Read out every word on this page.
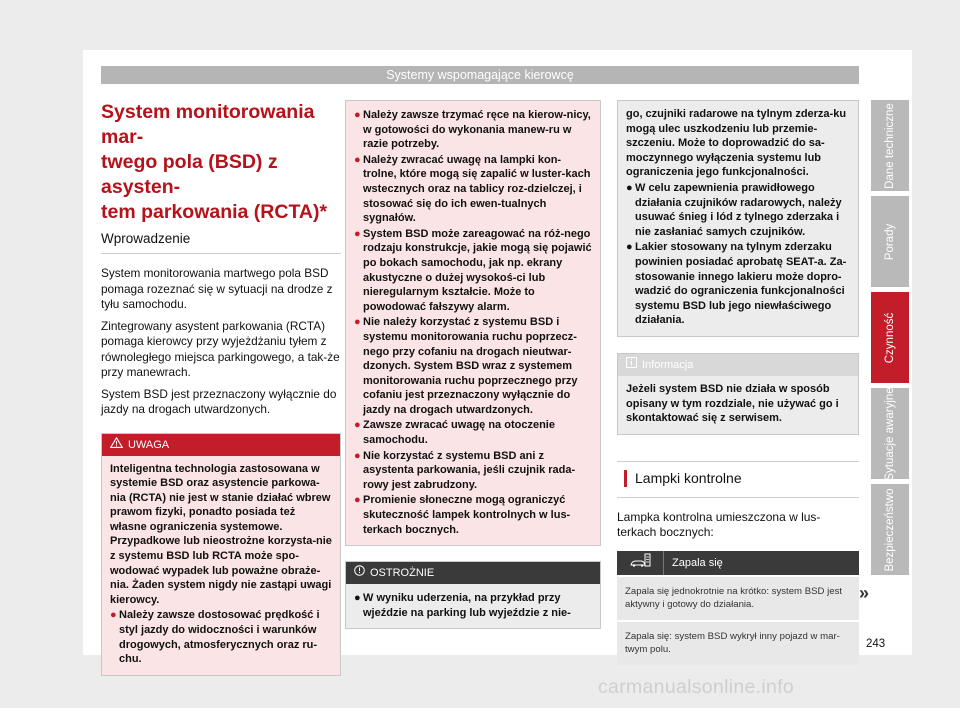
Systemy wspomagające kierowcę
System monitorowania mar-
twego pola (BSD) z asysten-
tem parkowania (RCTA)*
Wprowadzenie

System monitorowania martwego pola BSD pomaga rozeznać się w sytuacji na drodze z tyłu samochodu.

Zintegrowany asystent parkowania (RCTA) pomaga kierowcy przy wyjeżdżaniu tyłem z równoległego miejsca parkingowego, a tak-że przy manewrach.

System BSD jest przeznaczony wyłącznie do jazdy na drogach utwardzonych.

UWAGA
Inteligentna technologia zastosowana w systemie BSD oraz asystencie parkowa-nia (RCTA) nie jest w stanie działać wbrew prawom fizyki, ponadto posiada też własne ograniczenia systemowe. Przypadkowe lub nieostrożne korzysta-nie z systemu BSD lub RCTA może spo-wodować wypadek lub poważne obraże-nia. Żaden system nigdy nie zastąpi uwagi kierowcy.
● Należy zawsze dostosować prędkość i styl jazdy do widoczności i warunków drogowych, atmosferycznych oraz ru-chu.
● Należy zawsze trzymać ręce na kierow-nicy, w gotowości do wykonania manew-ru w razie potrzeby.
● Należy zwracać uwagę na lampki kon-trolne, które mogą się zapalić w luster-kach wstecznych oraz na tablicy roz-dzielczej, i stosować się do ich ewen-tualnych sygnałów.
● System BSD może zareagować na róż-nego rodzaju konstrukcje, jakie mogą się pojawić po bokach samochodu, jak np. ekrany akustyczne o dużej wysokoś-ci lub nieregularnym kształcie. Może to powodować fałszywy alarm.
● Nie należy korzystać z systemu BSD i systemu monitorowania ruchu poprzecz-nego przy cofaniu na drogach nieutwar-dzonych. System BSD wraz z systemem monitorowania ruchu poprzecznego przy cofaniu jest przeznaczony wyłącznie do jazdy na drogach utwardzonych.
● Zawsze zwracać uwagę na otoczenie samochodu.
● Nie korzystać z systemu BSD ani z asystenta parkowania, jeśli czujnik rada-rowy jest zabrudzony.
● Promienie słoneczne mogą ograniczyć skuteczność lampek kontrolnych w lus-terkach bocznych.
OSTROŻNIE
● W wyniku uderzenia, na przykład przy wjeździe na parking lub wyjeździe z nie-
go, czujniki radarowe na tylnym zderza-ku mogą ulec uszkodzeniu lub przemie-szczeniu. Może to doprowadzić do sa-moczynnego wyłączenia systemu lub ograniczenia jego funkcjonalności.
● W celu zapewnienia prawidłowego działania czujników radarowych, należy usuwać śnieg i lód z tylnego zderzaka i nie zasłaniać samych czujników.
● Lakier stosowany na tylnym zderzaku powinien posiadać aprobatę SEAT-a. Za-stosowanie innego lakieru może dopro-wadzić do ograniczenia funkcjonalności systemu BSD lub jego niewłaściwego działania.
Informacja
Jeżeli system BSD nie działa w sposób opisany w tym rozdziale, nie używać go i skontaktować się z serwisem.
Lampki kontrolne

Lampka kontrolna umieszczona w lus-terkach bocznych:

Zapala się
Zapala się jednokrotnie na krótko: system BSD jest aktywny i gotowy do działania.
Zapala się: system BSD wykrył inny pojazd w mar-twym polu.
»
Dane techniczne
Porady
Czynność
Sytuacje awaryjne
Bezpieczeństwo
243
carmanualsonline.info
